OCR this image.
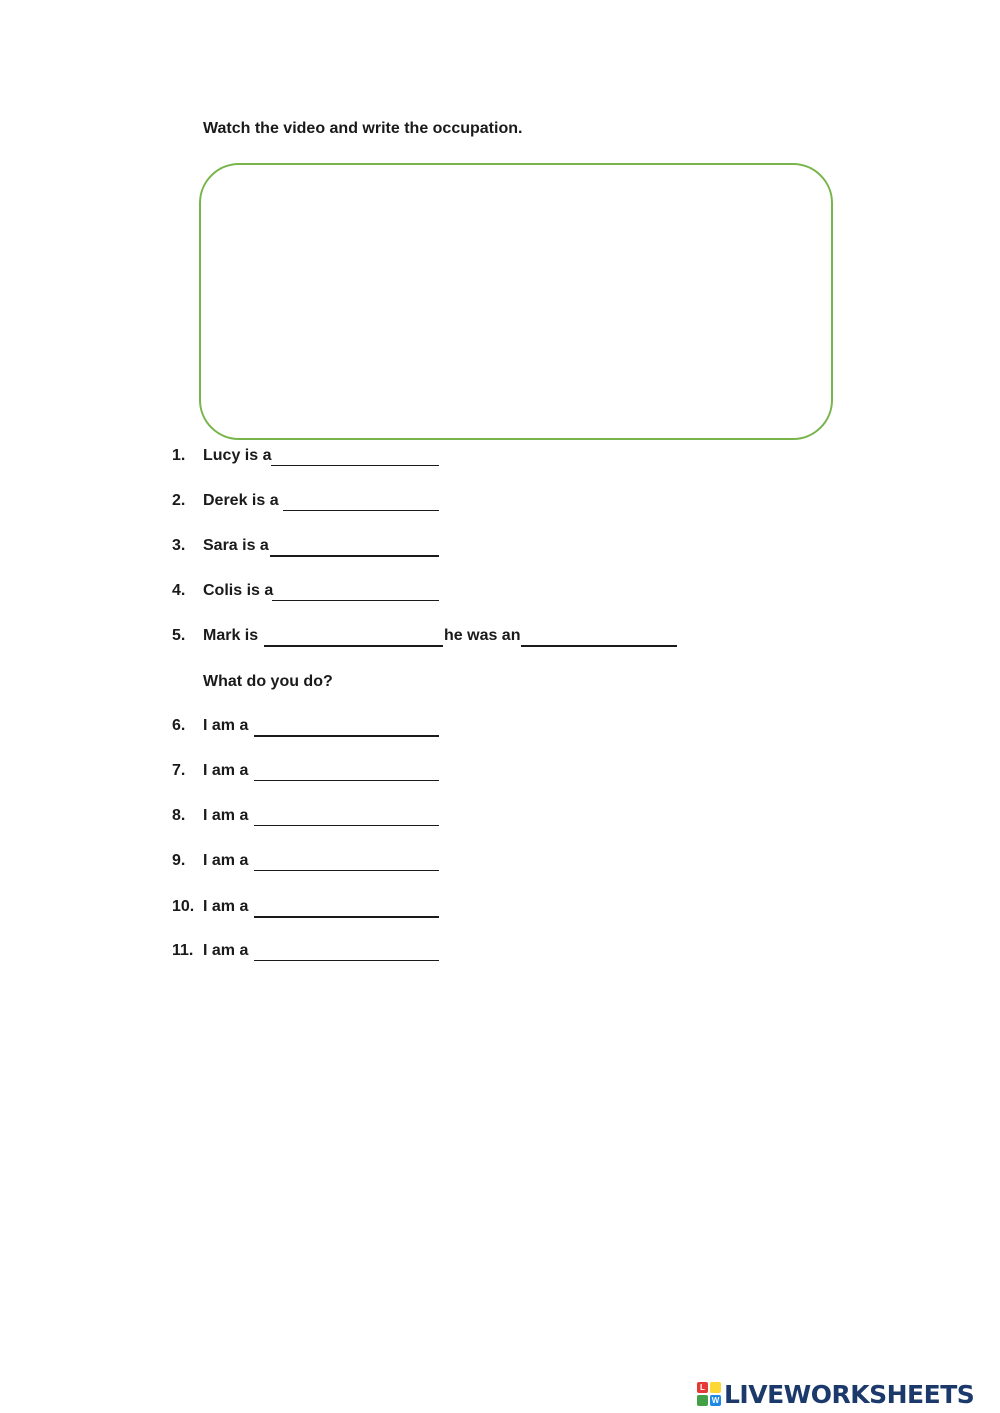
Watch the video and write the occupation.
1. Lucy is a
2. Derek is a
3. Sara is a
4. Colis is a
5. Mark is	he was an
What do you do?
6. I am a
7. I am a
8. I am a
9. I am a
10. I am a
11. I am a
L
W LIVEWORKSHEETS
